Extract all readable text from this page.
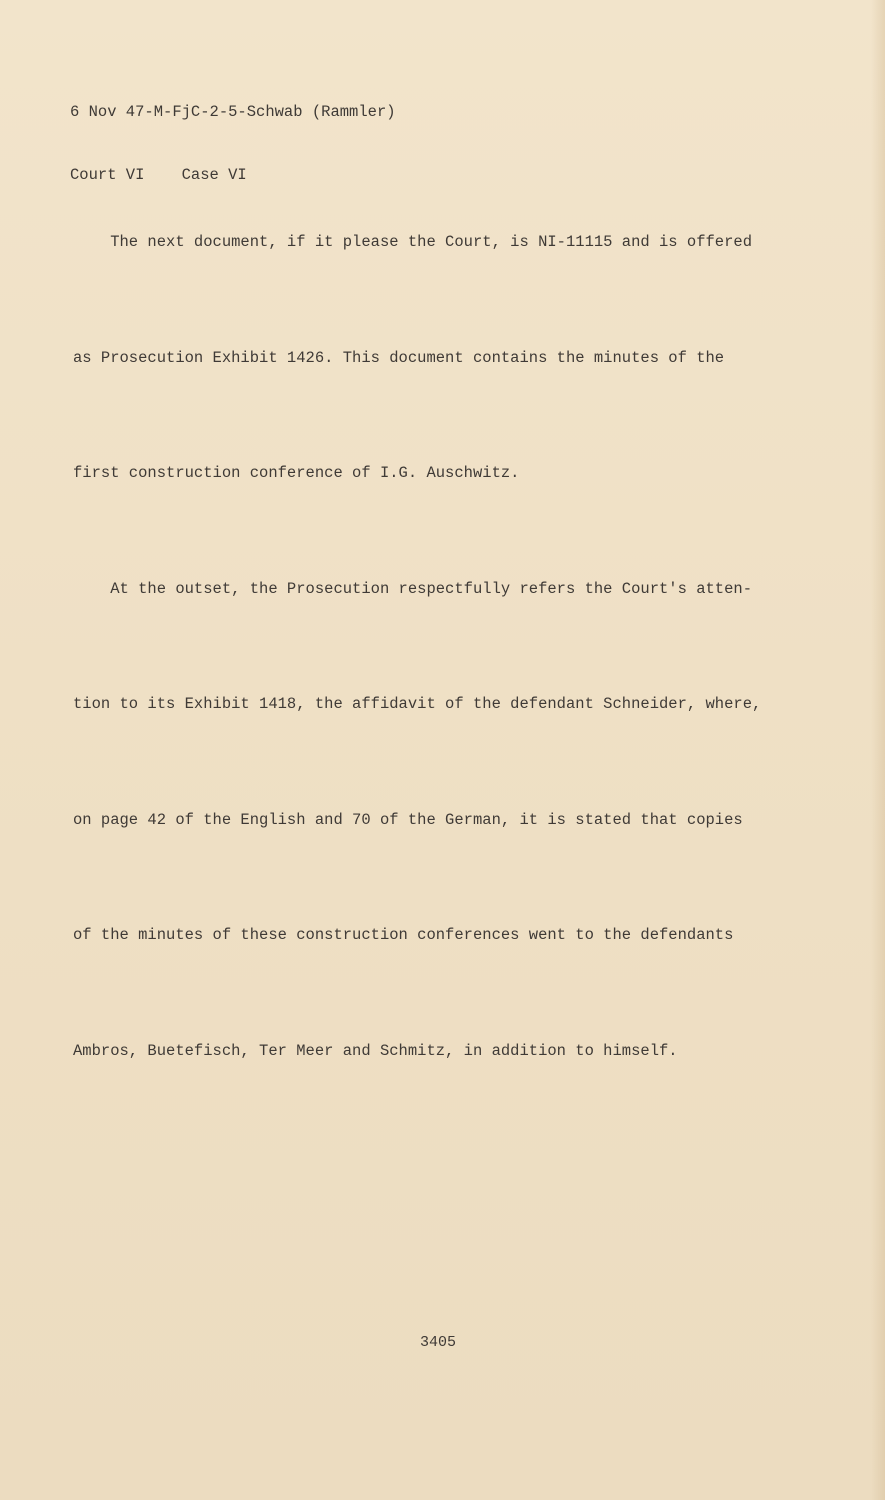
6 Nov 47-M-FjC-2-5-Schwab (Rammler)

Court VI    Case VI

The next document, if it please the Court, is NI-11115 and is offered

as Prosecution Exhibit 1426. This document contains the minutes of the

first construction conference of I.G. Auschwitz.

At the outset, the Prosecution respectfully refers the Court's atten-

tion to its Exhibit 1418, the affidavit of the defendant Schneider, where,

on page 42 of the English and 70 of the German, it is stated that copies

of the minutes of these construction conferences went to the defendants

Ambros, Buetefisch, Ter Meer and Schmitz, in addition to himself.

3405
